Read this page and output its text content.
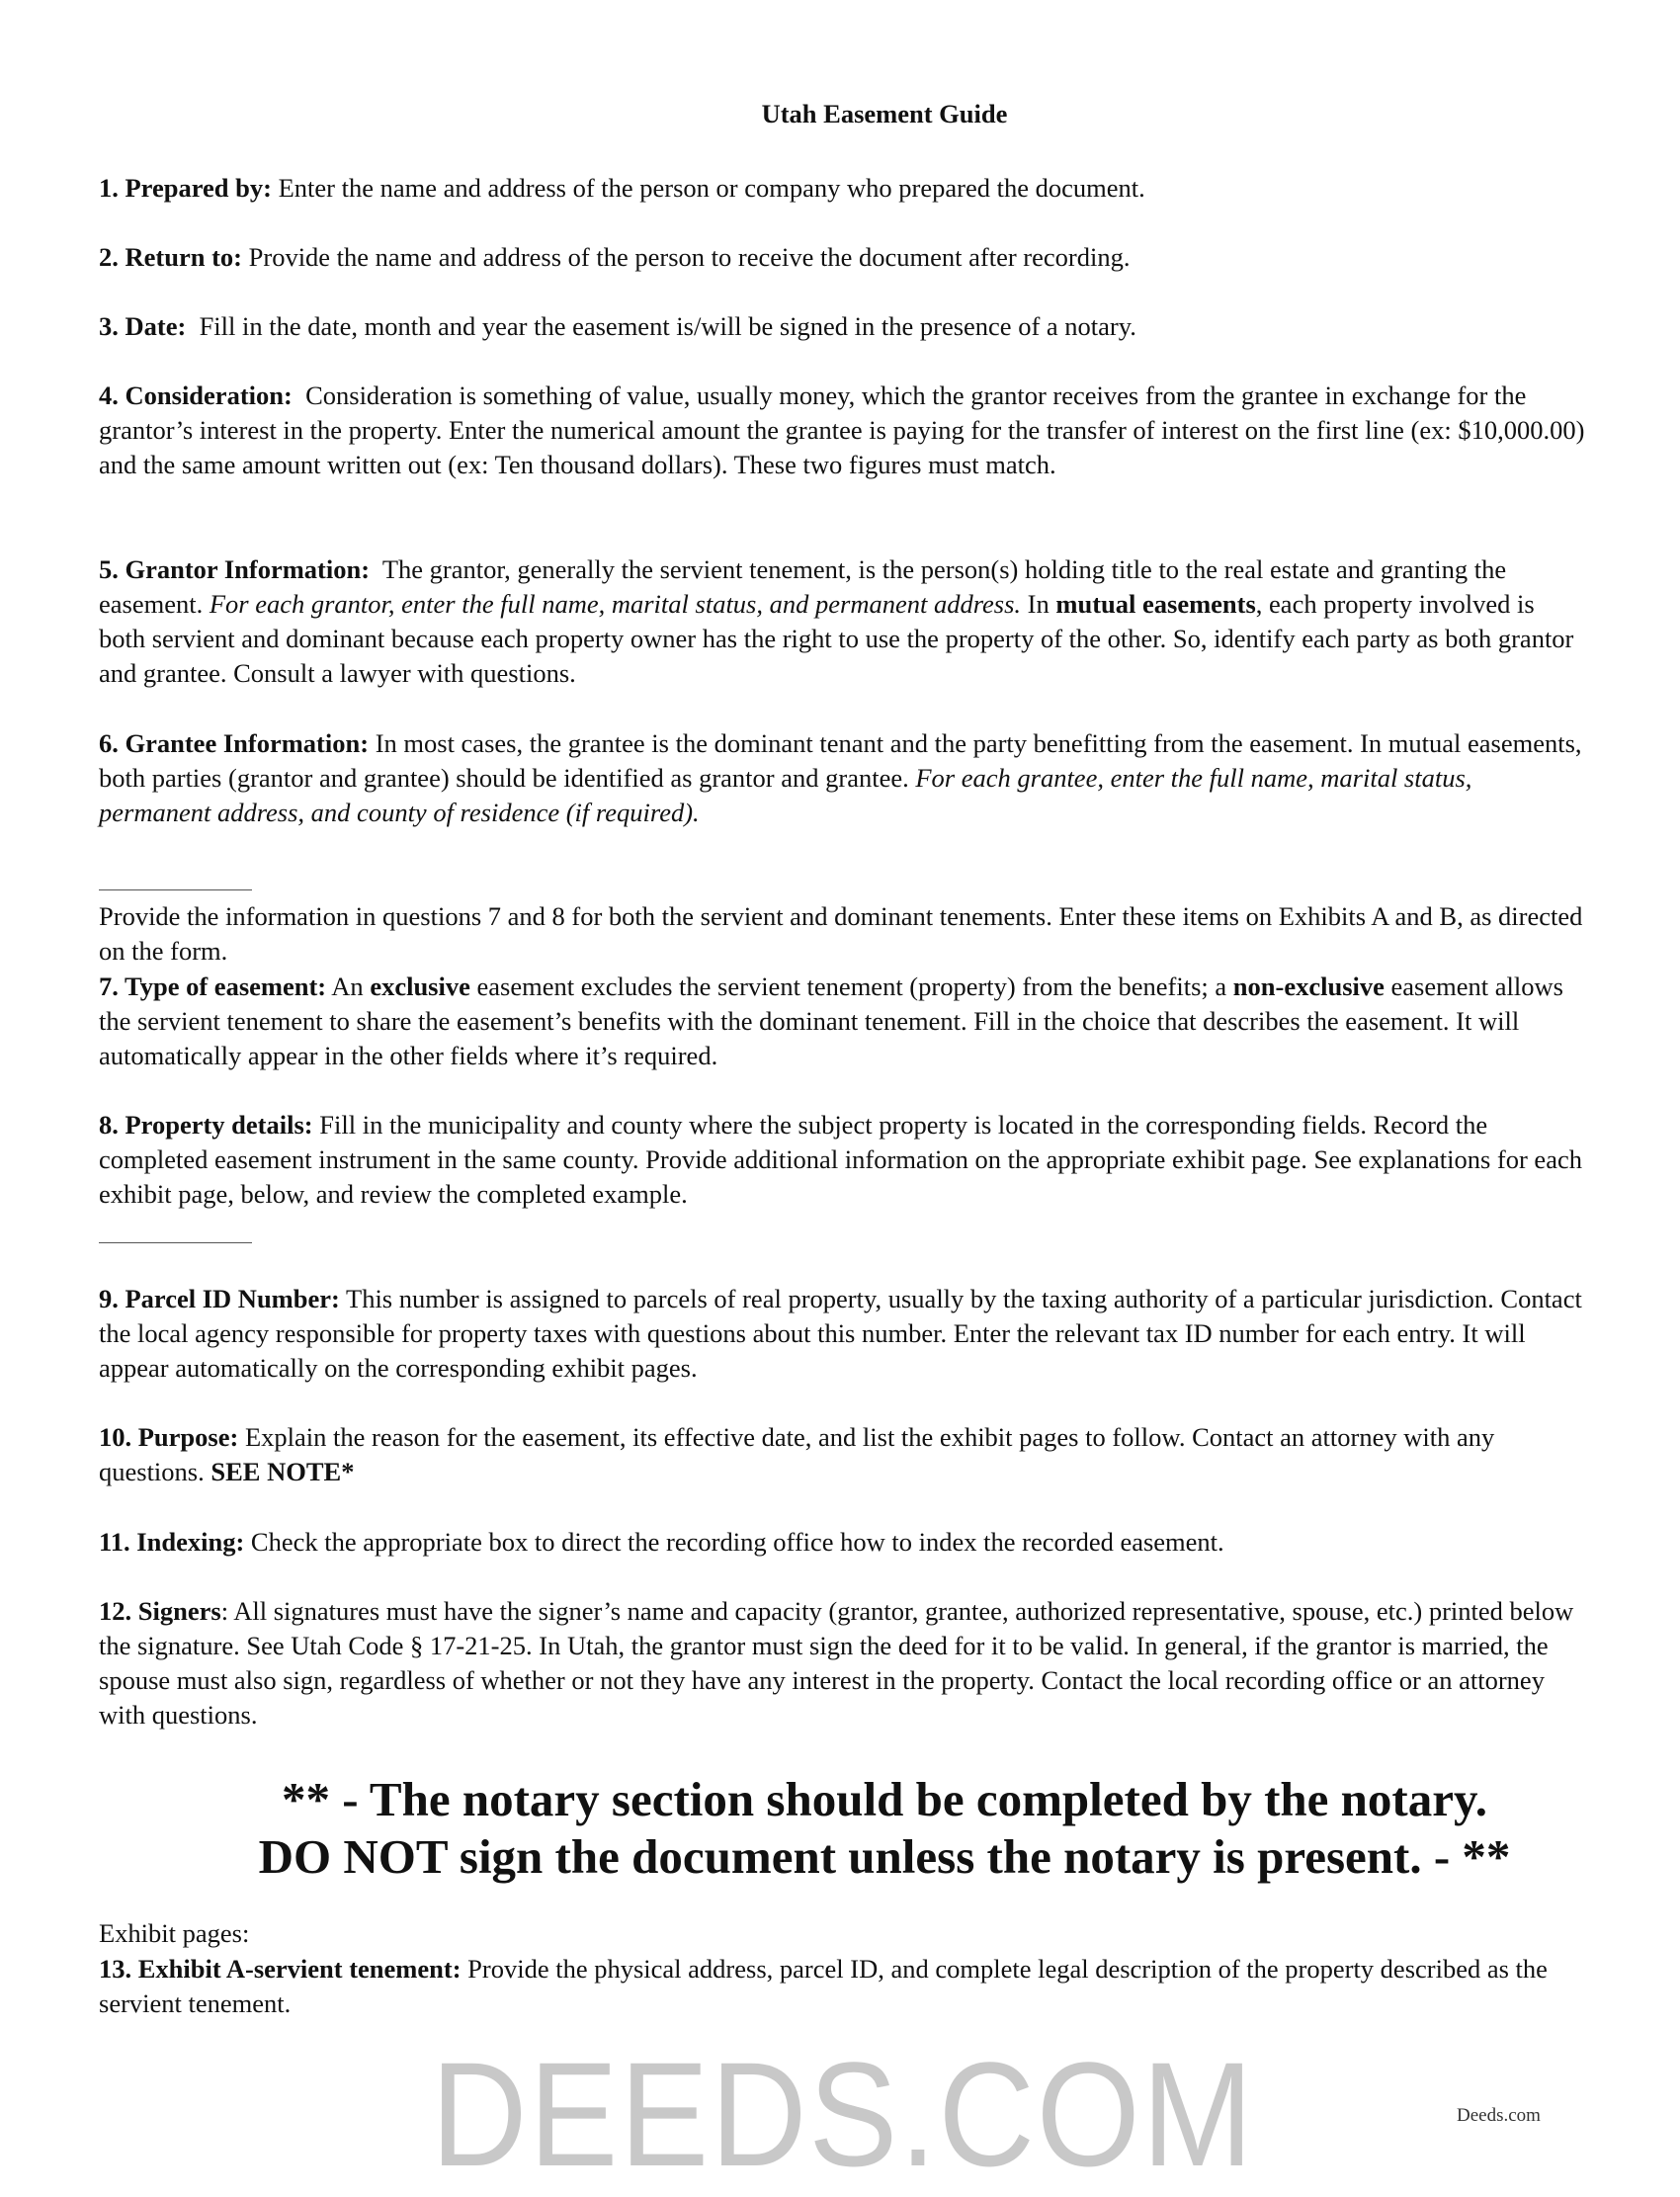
Utah Easement Guide
1. Prepared by: Enter the name and address of the person or company who prepared the document.
2. Return to: Provide the name and address of the person to receive the document after recording.
3. Date:  Fill in the date, month and year the easement is/will be signed in the presence of a notary.
4. Consideration:  Consideration is something of value, usually money, which the grantor receives from the grantee in exchange for the grantor’s interest in the property. Enter the numerical amount the grantee is paying for the transfer of interest on the first line (ex: $10,000.00) and the same amount written out (ex: Ten thousand dollars). These two figures must match.
5. Grantor Information:  The grantor, generally the servient tenement, is the person(s) holding title to the real estate and granting the easement. For each grantor, enter the full name, marital status, and permanent address. In mutual easements, each property involved is both servient and dominant because each property owner has the right to use the property of the other. So, identify each party as both grantor and grantee. Consult a lawyer with questions.
6. Grantee Information: In most cases, the grantee is the dominant tenant and the party benefitting from the easement. In mutual easements, both parties (grantor and grantee) should be identified as grantor and grantee. For each grantee, enter the full name, marital status, permanent address, and county of residence (if required).
Provide the information in questions 7 and 8 for both the servient and dominant tenements. Enter these items on Exhibits A and B, as directed on the form.
7. Type of easement: An exclusive easement excludes the servient tenement (property) from the benefits; a non-exclusive easement allows the servient tenement to share the easement’s benefits with the dominant tenement. Fill in the choice that describes the easement. It will automatically appear in the other fields where it’s required.
8. Property details: Fill in the municipality and county where the subject property is located in the corresponding fields. Record the completed easement instrument in the same county. Provide additional information on the appropriate exhibit page. See explanations for each exhibit page, below, and review the completed example.
9. Parcel ID Number: This number is assigned to parcels of real property, usually by the taxing authority of a particular jurisdiction. Contact the local agency responsible for property taxes with questions about this number. Enter the relevant tax ID number for each entry. It will appear automatically on the corresponding exhibit pages.
10. Purpose: Explain the reason for the easement, its effective date, and list the exhibit pages to follow. Contact an attorney with any questions. SEE NOTE*
11. Indexing: Check the appropriate box to direct the recording office how to index the recorded easement.
12. Signers: All signatures must have the signer’s name and capacity (grantor, grantee, authorized representative, spouse, etc.) printed below the signature. See Utah Code § 17-21-25. In Utah, the grantor must sign the deed for it to be valid. In general, if the grantor is married, the spouse must also sign, regardless of whether or not they have any interest in the property. Contact the local recording office or an attorney with questions.
** - The notary section should be completed by the notary.
DO NOT sign the document unless the notary is present. - **
Exhibit pages:
13. Exhibit A-servient tenement: Provide the physical address, parcel ID, and complete legal description of the property described as the servient tenement.
DEEDS.COM	Deeds.com
